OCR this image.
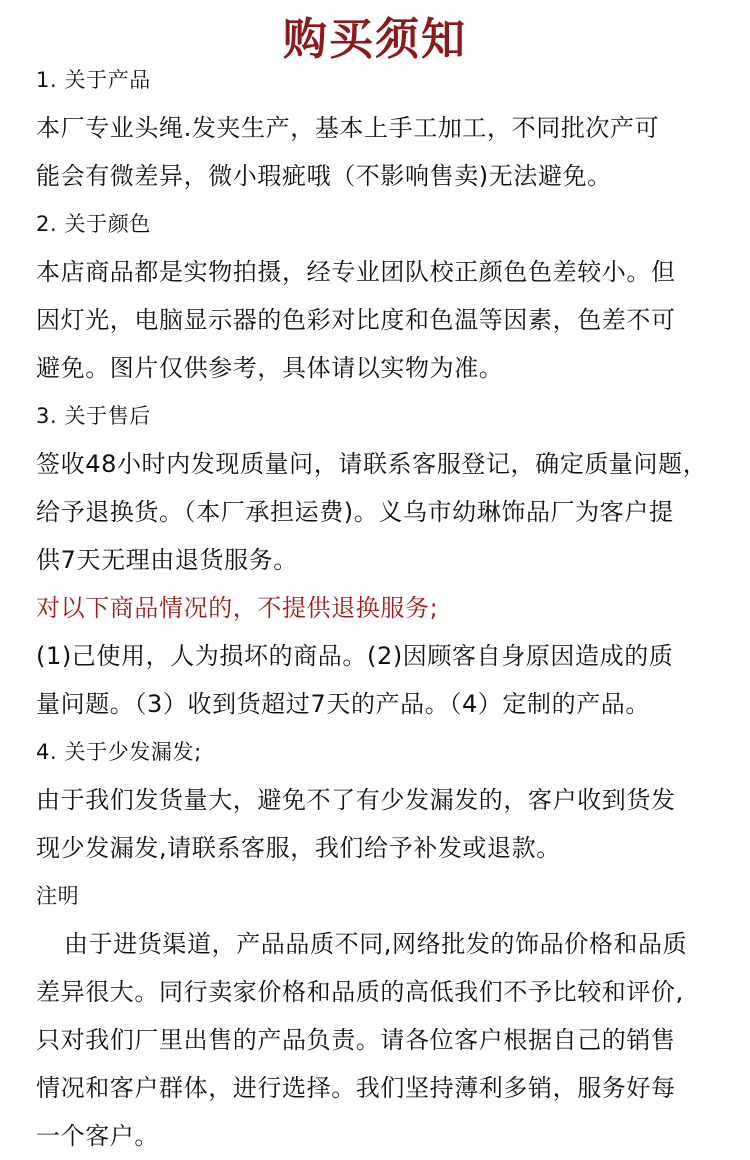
购买须知
1. 关于产品
本厂专业头绳.发夹生产，基本上手工加工，不同批次产可
能会有微差异，微小瑕疵哦（不影响售卖)无法避免。
2. 关于颜色
本店商品都是实物拍摄，经专业团队校正颜色色差较小。但
因灯光，电脑显示器的色彩对比度和色温等因素，色差不可
避免。图片仅供参考，具体请以实物为准。
3. 关于售后
签收48小时内发现质量问，请联系客服登记，确定质量问题，
给予退换货。（本厂承担运费)。义乌市幼琳饰品厂为客户提
供7天无理由退货服务。
对以下商品情况的，不提供退换服务;
(1)己使用，人为损坏的商品。(2)因顾客自身原因造成的质
量问题。（3）收到货超过7天的产品。（4）定制的产品。
4. 关于少发漏发;
由于我们发货量大，避免不了有少发漏发的，客户收到货发
现少发漏发,请联系客服，我们给予补发或退款。
注明
由于进货渠道，产品品质不同,网络批发的饰品价格和品质
差异很大。同行卖家价格和品质的高低我们不予比较和评价,
只对我们厂里出售的产品负责。请各位客户根据自己的销售
情况和客户群体，进行选择。我们坚持薄利多销，服务好每
一个客户。
